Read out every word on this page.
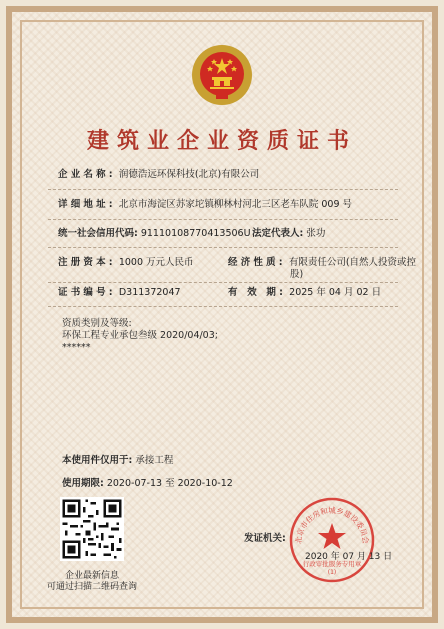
建筑业企业资质证书
企业名称: 润德浩远环保科技(北京)有限公司
详细地址: 北京市海淀区苏家坨镇柳林村河北三区老车队院 009 号
统一社会信用代码: 91110108770413506U 法定代表人: 张功
注册资本: 1000 万元人民币	经济性质: 有限责任公司(自然人投资或控
股)
证书编号: D311372047	有 效 期: 2025 年 04 月 02 日
资质类别及等级:
环保工程专业承包叁级 2020/04/03;
******
本使用件仅用于: 承接工程
使用期限: 2020-07-13 至 2020-10-12
企业最新信息
可通过扫描二维码查询
发证机关: 北京市住房和城乡建设委员会
行政审批服务专用章
(1)
2020 年 07 月 13 日
